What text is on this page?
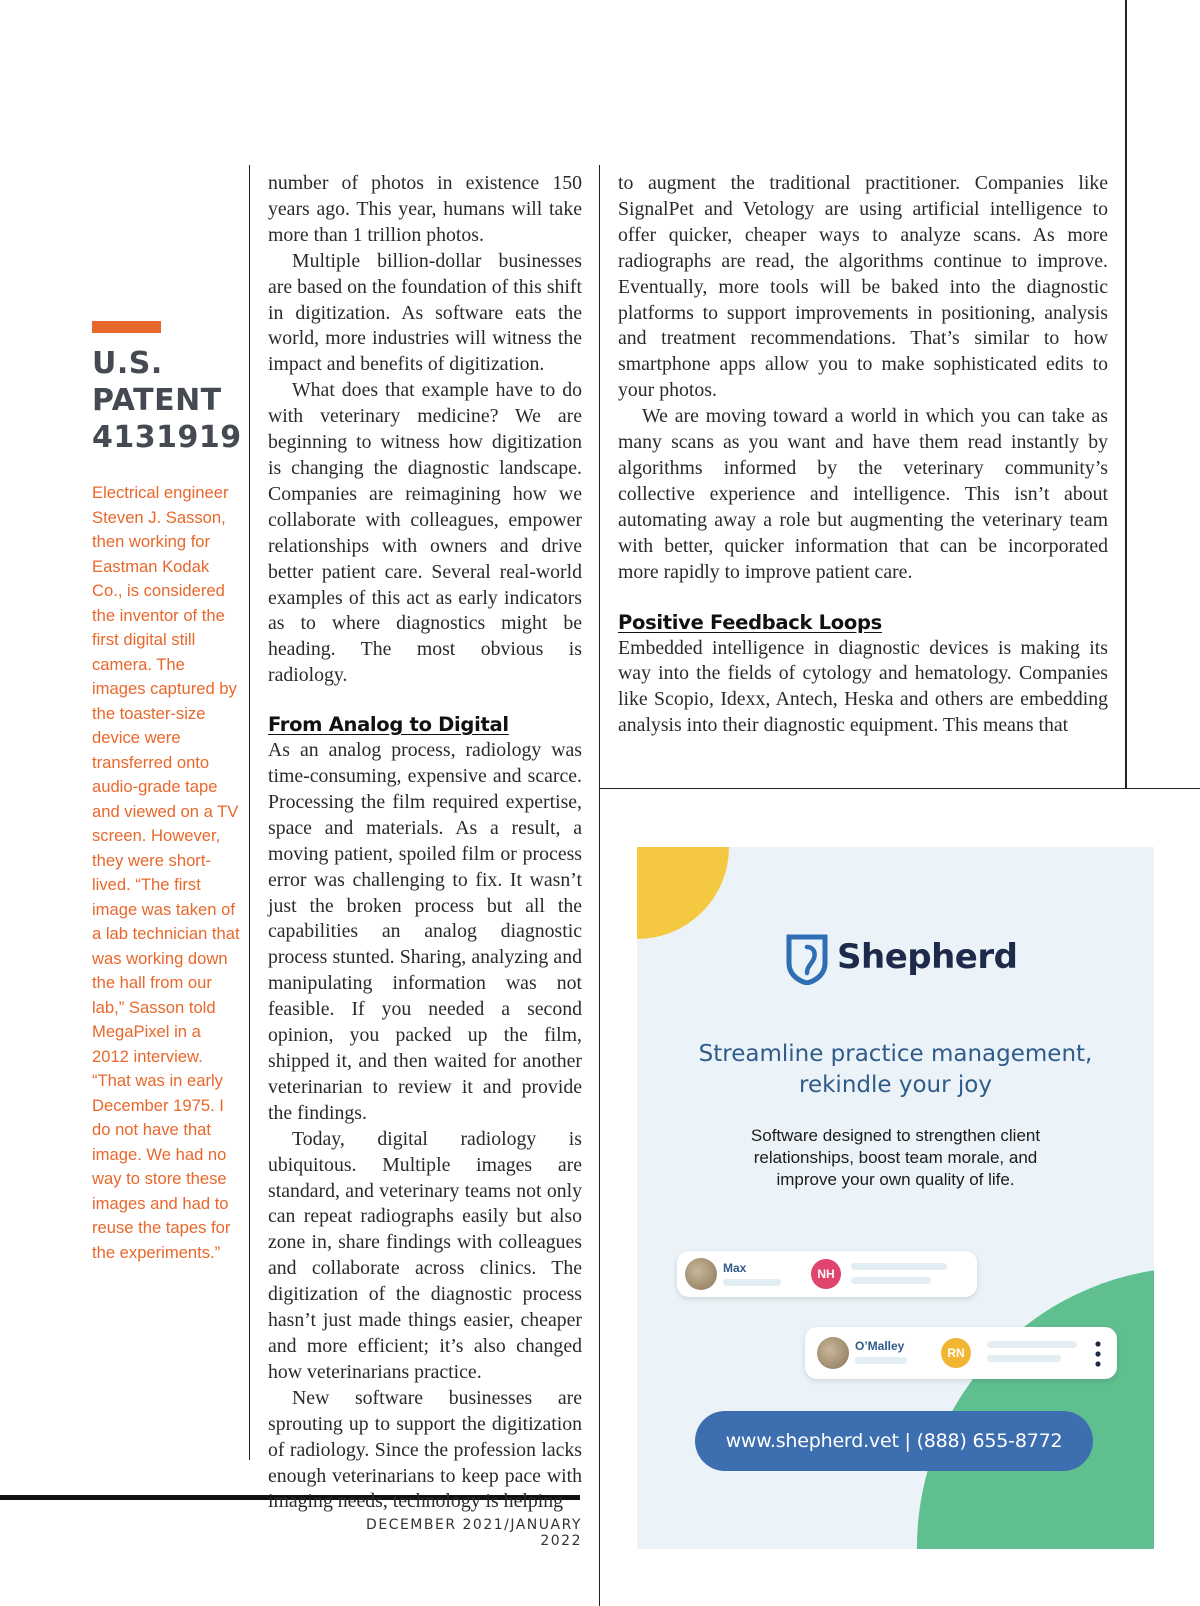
U.S.
PATENT
4131919
Electrical engineer Steven J. Sasson, then working for Eastman Kodak Co., is considered the inventor of the first digital still camera. The images captured by the toaster-size device were transferred onto audio-grade tape and viewed on a TV screen. However, they were short-lived. “The first image was taken of a lab technician that was working down the hall from our lab,” Sasson told MegaPixel in a 2012 interview. “That was in early December 1975. I do not have that image. We had no way to store these images and had to reuse the tapes for the experiments.”

number of photos in existence 150 years ago. This year, humans will take more than 1 trillion photos.

Multiple billion-dollar businesses are based on the foundation of this shift in digitization. As software eats the world, more industries will witness the impact and benefits of digitization.

What does that example have to do with veterinary medicine? We are beginning to witness how digitization is changing the diagnostic landscape. Companies are reimagining how we collaborate with colleagues, empower relationships with owners and drive better patient care. Several real-world examples of this act as early indicators as to where diagnostics might be heading. The most obvious is radiology.

From Analog to Digital

As an analog process, radiology was time-consuming, expensive and scarce. Processing the film required expertise, space and materials. As a result, a moving patient, spoiled film or process error was challenging to fix. It wasn’t just the broken process but all the capabilities an analog diagnostic process stunted. Sharing, analyzing and manipulating information was not feasible. If you needed a second opinion, you packed up the film, shipped it, and then waited for another veterinarian to review it and provide the findings.

Today, digital radiology is ubiquitous. Multiple images are standard, and veterinary teams not only can repeat radiographs easily but also zone in, share findings with colleagues and collaborate across clinics. The digitization of the diagnostic process hasn’t just made things easier, cheaper and more efficient; it’s also changed how veterinarians practice.

New software businesses are sprouting up to support the digitization of radiology. Since the profession lacks enough veterinarians to keep pace with imaging needs, technology is helping

to augment the traditional practitioner. Companies like SignalPet and Vetology are using artificial intelligence to offer quicker, cheaper ways to analyze scans. As more radiographs are read, the algorithms continue to improve. Eventually, more tools will be baked into the diagnostic platforms to support improvements in positioning, analysis and treatment recommendations. That’s similar to how smartphone apps allow you to make sophisticated edits to your photos.

We are moving toward a world in which you can take as many scans as you want and have them read instantly by algorithms informed by the veterinary community’s collective experience and intelligence. This isn’t about automating away a role but augmenting the veterinary team with better, quicker information that can be incorporated more rapidly to improve patient care.

Positive Feedback Loops

Embedded intelligence in diagnostic devices is making its way into the fields of cytology and hematology. Companies like Scopio, Idexx, Antech, Heska and others are embedding analysis into their diagnostic equipment. This means that

DECEMBER 2021/JANUARY 2022
Shepherd
Streamline practice management,
rekindle your joy
Software designed to strengthen client
relationships, boost team morale, and
improve your own quality of life.
Max	NH
O’Malley	RN
www.shepherd.vet | (888) 655-8772
